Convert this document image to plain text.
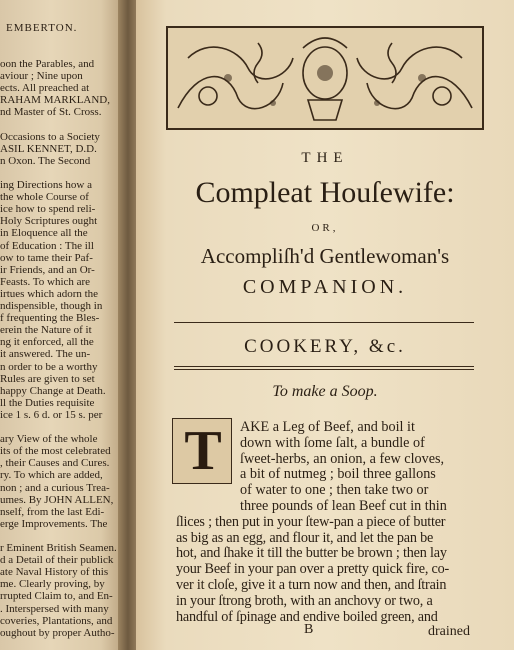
EMBERTON.
oon the Parables, and
aviour ; Nine upon
ects. All preached at
RAHAM MARKLAND,
nd Master of St. Cross.
Occasions to a Society
ASIL KENNET, D.D.
n Oxon. The Second
ing Directions how a
the whole Course of
ice how to spend reli-
Holy Scriptures ought
in Eloquence all the
of Education : The ill
ow to tame their Paf-
ir Friends, and an Or-
Feasts. To which are
irtues which adorn the
ndispensible, though in
f frequenting the Bles-
erein the Nature of it
ng it enforced, all the
it answered. The un-
n order to be a worthy
Rules are given to set
happy Change at Death.
ll the Duties requisite
ice 1 s. 6 d. or 15 s. per
ary View of the whole
its of the most celebrated
, their Causes and Cures.
ry. To which are added,
non ; and a curious Trea-
umes. By JOHN ALLEN,
nself, from the last Edi-
erge Improvements. The
r Eminent British Seamen.
d a Detail of their publick
ate Naval History of this
me. Clearly proving, by
rrupted Claim to, and En-
. Interspersed with many
coveries, Plantations, and
oughout by proper Autho-
THE
Compleat Houſewife:
OR,
Accompliſh'd Gentlewoman's
COMPANION.
COOKERY, &c.
To make a Soop.
T	AKE a Leg of Beef, and boil it
down with ſome ſalt, a bundle of
ſweet-herbs, an onion, a few cloves,
a bit of nutmeg ; boil three gallons
of water to one ; then take two or
three pounds of lean Beef cut in thin
ſlices ; then put in your ſtew-pan a piece of butter
as big as an egg, and flour it, and let the pan be
hot, and ſhake it till the butter be brown ; then lay
your Beef in your pan over a pretty quick fire, co-
ver it cloſe, give it a turn now and then, and ſtrain
in your ſtrong broth, with an anchovy or two, a
handful of ſpinage and endive boiled green, and
B	drained
